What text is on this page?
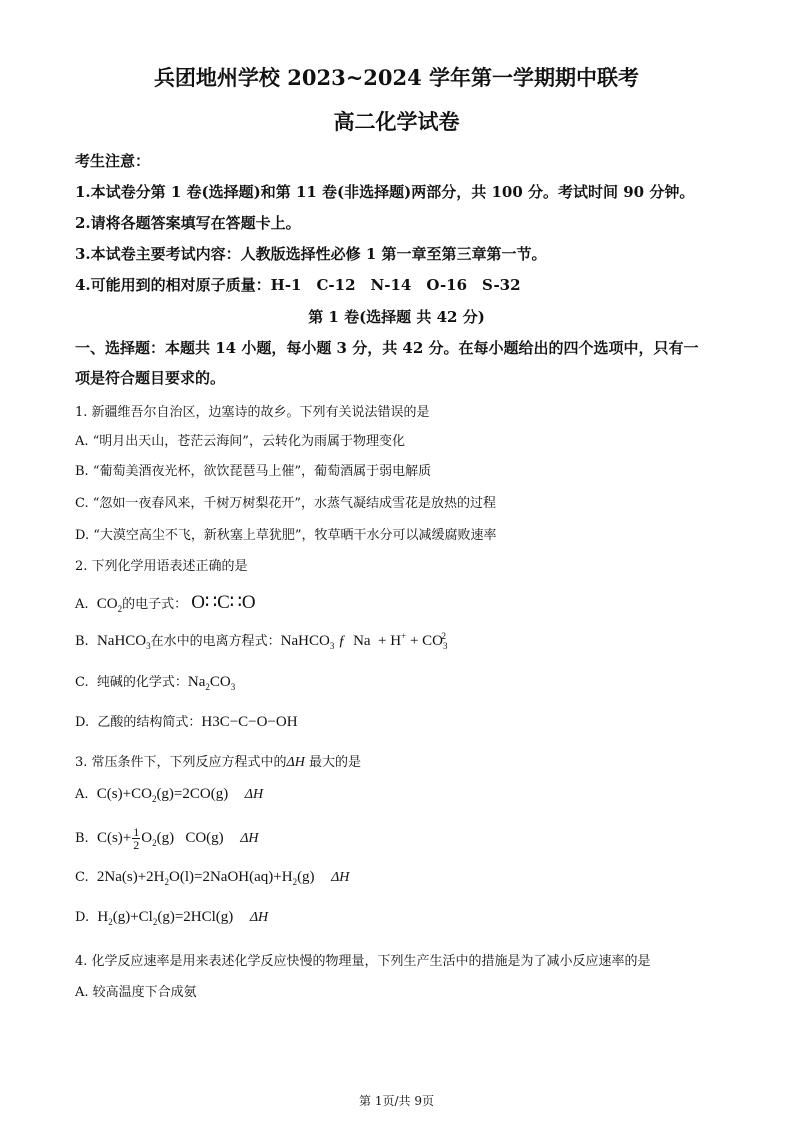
兵团地州学校 2023~2024 学年第一学期期中联考
高二化学试卷
考生注意：
1.本试卷分第 1 卷(选择题)和第 11 卷(非选择题)两部分，共 100 分。考试时间 90 分钟。
2.请将各题答案填写在答题卡上。
3.本试卷主要考试内容：人教版选择性必修 1 第一章至第三章第一节。
4.可能用到的相对原子质量：H-1　C-12　N-14　O-16　S-32
第 1 卷(选择题 共 42 分)
一、选择题：本题共 14 小题，每小题 3 分，共 42 分。在每小题给出的四个选项中，只有一
项是符合题目要求的。
1. 新疆维吾尔自治区，边塞诗的故乡。下列有关说法错误的是
A. “明月出天山，苍茫云海间”，云转化为雨属于物理变化
B. “葡萄美酒夜光杯，欲饮琵琶马上催”，葡萄酒属于弱电解质
C. “忽如一夜春风来，千树万树梨花开”，水蒸气凝结成雪花是放热的过程
D. “大漠空高尘不飞，新秋塞上草犹肥”，牧草晒干水分可以减缓腐败速率
2. 下列化学用语表述正确的是
A. $CO_2$的电子式： O∷C∷O
B. NaHCO$_3$在水中的电离方程式：NaHCO$_3$ ƒ  $Na + H^+ + CO_3^2$
C. 纯碱的化学式：$Na_2CO_3$
D. 乙酸的结构简式：H3C−C−O−OH
3. 常压条件下，下列反应方程式中的ΔH 最大的是
A. $C(s)+CO_2(g)=2CO(g)$ ΔH
B. $C(s)+ \frac{1}{2} O_2(g)$   CO(g) ΔH
C. $2Na(s)+2H_2O(l)=2NaOH(aq)+H_2(g)$ ΔH
D. $H_2(g)+Cl_2(g)=2HCl(g)$ ΔH
4. 化学反应速率是用来表述化学反应快慢的物理量，下列生产生活中的措施是为了减小反应速率的是
A. 较高温度下合成氨
第 1页/共 9页
